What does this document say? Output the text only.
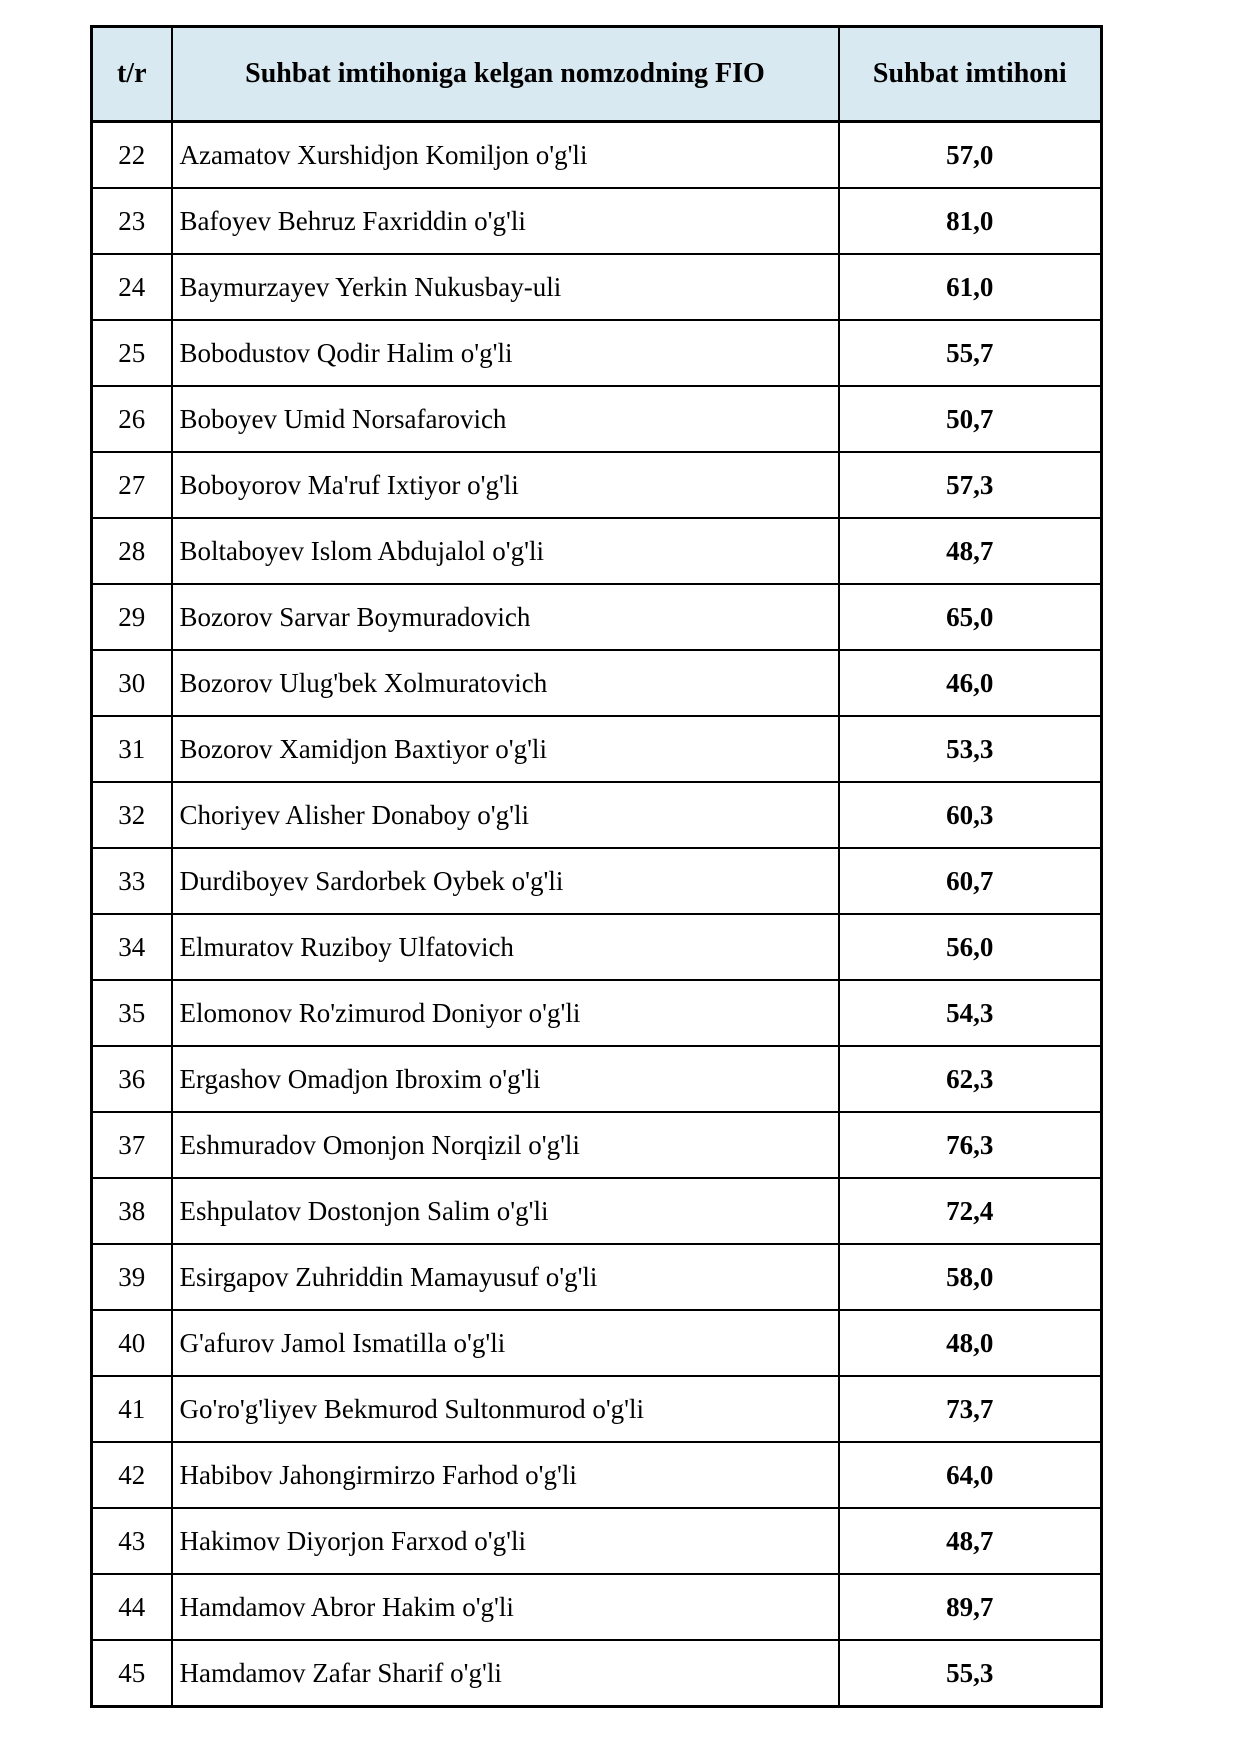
t/r	Suhbat imtihoniga kelgan nomzodning FIO	Suhbat imtihoni
22	Azamatov Xurshidjon Komiljon o'g'li	57,0
23	Bafoyev Behruz Faxriddin o'g'li	81,0
24	Baymurzayev Yerkin Nukusbay-uli	61,0
25	Bobodustov Qodir Halim o'g'li	55,7
26	Boboyev Umid Norsafarovich	50,7
27	Boboyorov Ma'ruf Ixtiyor o'g'li	57,3
28	Boltaboyev Islom Abdujalol o'g'li	48,7
29	Bozorov Sarvar Boymuradovich	65,0
30	Bozorov Ulug'bek Xolmuratovich	46,0
31	Bozorov Xamidjon Baxtiyor o'g'li	53,3
32	Choriyev Alisher Donaboy o'g'li	60,3
33	Durdiboyev Sardorbek Oybek o'g'li	60,7
34	Elmuratov Ruziboy Ulfatovich	56,0
35	Elomonov Ro'zimurod Doniyor o'g'li	54,3
36	Ergashov Omadjon Ibroxim o'g'li	62,3
37	Eshmuradov Omonjon Norqizil o'g'li	76,3
38	Eshpulatov Dostonjon Salim o'g'li	72,4
39	Esirgapov Zuhriddin Mamayusuf o'g'li	58,0
40	G'afurov Jamol Ismatilla o'g'li	48,0
41	Go'ro'g'liyev Bekmurod Sultonmurod o'g'li	73,7
42	Habibov Jahongirmirzo Farhod o'g'li	64,0
43	Hakimov Diyorjon Farxod o'g'li	48,7
44	Hamdamov Abror Hakim o'g'li	89,7
45	Hamdamov Zafar Sharif o'g'li	55,3
